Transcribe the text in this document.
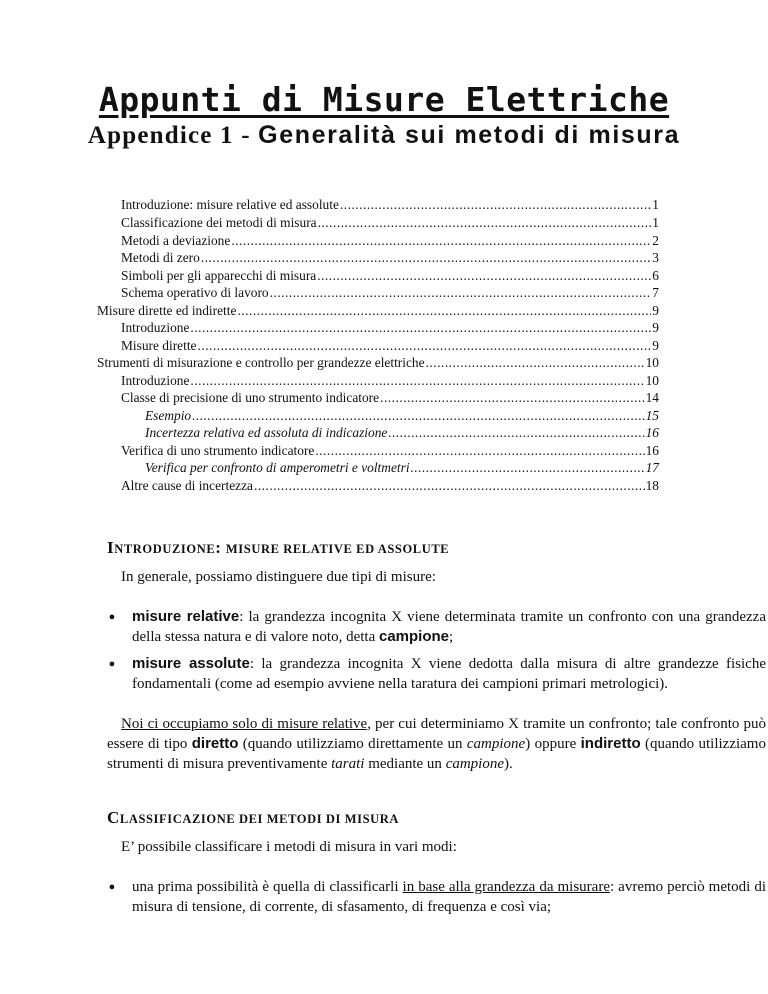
Appunti di Misure Elettriche
Appendice 1 - Generalità sui metodi di misura
Introduzione: misure relative ed assolute .....	1
Classificazione dei metodi di misura .....	1
Metodi a deviazione .....	2
Metodi di zero .....	3
Simboli per gli apparecchi di misura .....	6
Schema operativo di lavoro .....	7
Misure dirette ed indirette .....	9
Introduzione .....	9
Misure dirette .....	9
Strumenti di misurazione e controllo per grandezze elettriche .....	10
Introduzione .....	10
Classe di precisione di uno strumento indicatore .....	14
Esempio .....	15
Incertezza relativa ed assoluta di indicazione .....	16
Verifica di uno strumento indicatore .....	16
Verifica per confronto di amperometri e voltmetri .....	17
Altre cause di incertezza .....	18
INTRODUZIONE: MISURE RELATIVE ED ASSOLUTE
In generale, possiamo distinguere due tipi di misure:
● misure relative: la grandezza incognita X viene determinata tramite un confronto con una grandezza della stessa natura e di valore noto, detta campione;
● misure assolute: la grandezza incognita X viene dedotta dalla misura di altre grandezze fisiche fondamentali (come ad esempio avviene nella taratura dei campioni primari metrologici).
Noi ci occupiamo solo di misure relative, per cui determiniamo X tramite un confronto; tale confronto può essere di tipo diretto (quando utilizziamo direttamente un campione) oppure indiretto (quando utilizziamo strumenti di misura preventivamente tarati mediante un campione).
CLASSIFICAZIONE DEI METODI DI MISURA
E’ possibile classificare i metodi di misura in vari modi:
● una prima possibilità è quella di classificarli in base alla grandezza da misurare: avremo perciò metodi di misura di tensione, di corrente, di sfasamento, di frequenza e così via;
